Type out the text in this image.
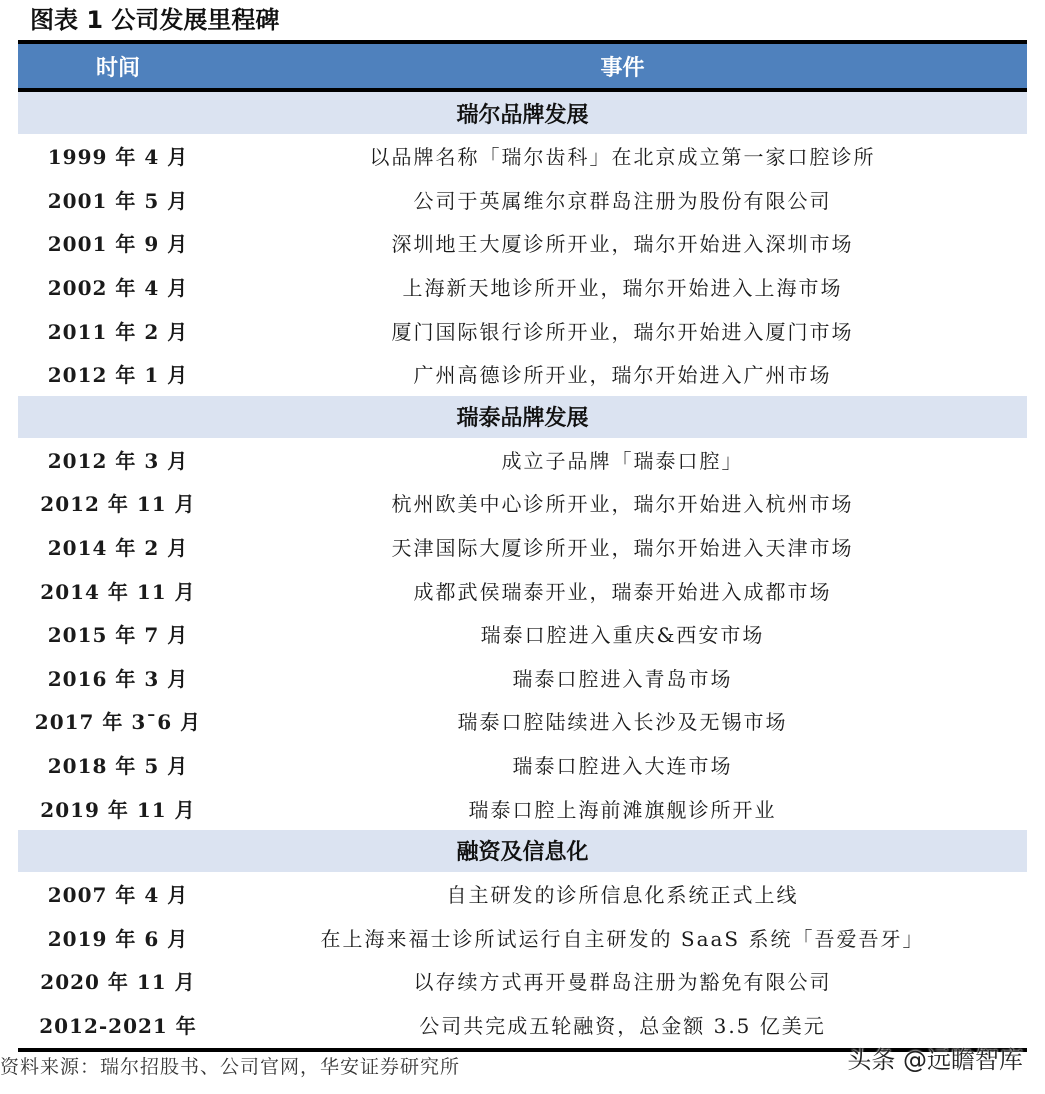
图表 1 公司发展里程碑
时间	事件
瑞尔品牌发展
1999 年 4 月	以品牌名称「瑞尔齿科」在北京成立第一家口腔诊所
2001 年 5 月	公司于英属维尔京群岛注册为股份有限公司
2001 年 9 月	深圳地王大厦诊所开业，瑞尔开始进入深圳市场
2002 年 4 月	上海新天地诊所开业，瑞尔开始进入上海市场
2011 年 2 月	厦门国际银行诊所开业，瑞尔开始进入厦门市场
2012 年 1 月	广州高德诊所开业，瑞尔开始进入广州市场
瑞泰品牌发展
2012 年 3 月	成立子品牌「瑞泰口腔」
2012 年 11 月	杭州欧美中心诊所开业，瑞尔开始进入杭州市场
2014 年 2 月	天津国际大厦诊所开业，瑞尔开始进入天津市场
2014 年 11 月	成都武侯瑞泰开业，瑞泰开始进入成都市场
2015 年 7 月	瑞泰口腔进入重庆&西安市场
2016 年 3 月	瑞泰口腔进入青岛市场
2017 年 3¯6 月	瑞泰口腔陆续进入长沙及无锡市场
2018 年 5 月	瑞泰口腔进入大连市场
2019 年 11 月	瑞泰口腔上海前滩旗舰诊所开业
融资及信息化
2007 年 4 月	自主研发的诊所信息化系统正式上线
2019 年 6 月	在上海来福士诊所试运行自主研发的 SaaS 系统「吾爱吾牙」
2020 年 11 月	以存续方式再开曼群岛注册为豁免有限公司
2012-2021 年	公司共完成五轮融资，总金额 3.5 亿美元
资料来源：瑞尔招股书、公司官网，华安证券研究所	头条 @远瞻智库
